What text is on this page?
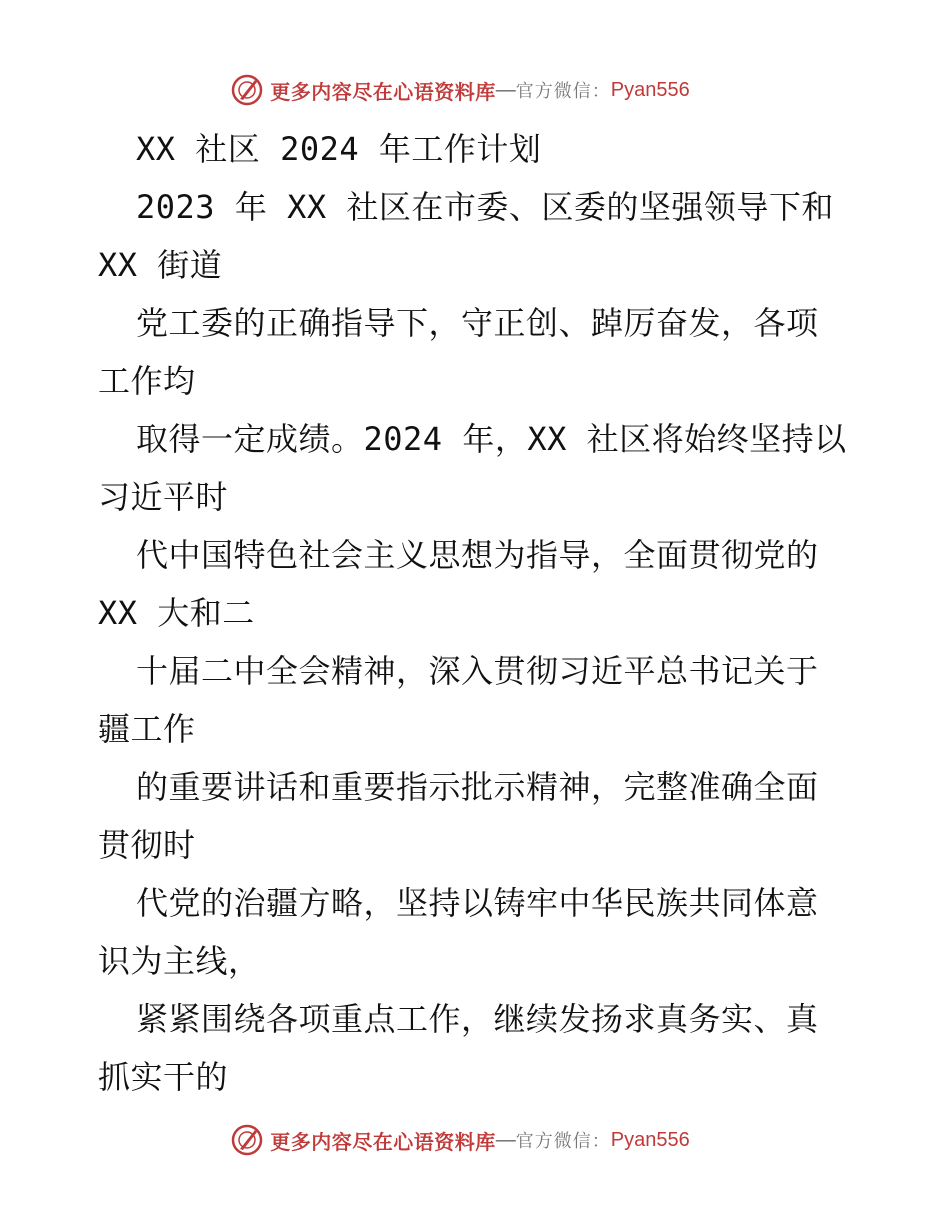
更多内容尽在心语资料库 — 官方微信： Pyan556
XX 社区 2024 年工作计划
2023 年 XX 社区在市委、区委的坚强领导下和
XX 街道
党工委的正确指导下，守正创、踔厉奋发，各项
工作均
取得一定成绩。2024 年，XX 社区将始终坚持以
习近平时
代中国特色社会主义思想为指导，全面贯彻党的
XX 大和二
十届二中全会精神，深入贯彻习近平总书记关于
疆工作
的重要讲话和重要指示批示精神，完整准确全面
贯彻时
代党的治疆方略，坚持以铸牢中华民族共同体意
识为主线，
紧紧围绕各项重点工作，继续发扬求真务实、真
抓实干的
更多内容尽在心语资料库 — 官方微信： Pyan556
